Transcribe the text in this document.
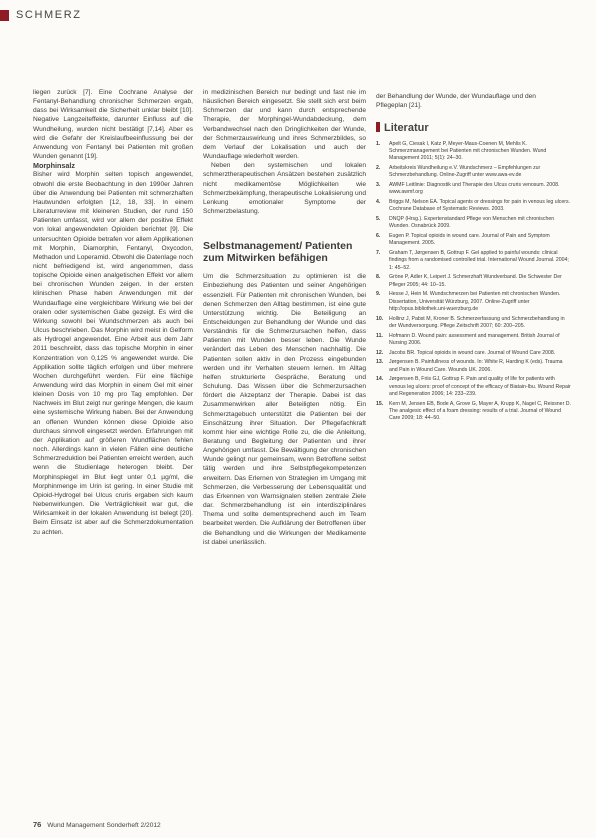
SCHMERZ

liegen zurück [7]. Eine Cochrane Analyse der Fentanyl-Behandlung chronischer Schmerzen ergab, dass bei Wirksamkeit die Sicherheit unklar bleibt [10]. Negative Langzeiteffekte, darunter Einfluss auf die Wundheilung, wurden nicht bestätigt [7,14]. Aber es wird die Gefahr der Kreislaufbeeinflussung bei der Anwendung von Fentanyl bei Patienten mit großen Wunden genannt [19].

Morphinsalz

Bisher wird Morphin selten topisch angewendet, obwohl die erste Beobachtung in den 1990er Jahren über die Anwendung bei Patienten mit schmerzhaften Hautwunden erfolgten [12, 18, 33]. In einem Literaturreview mit kleineren Studien, der rund 150 Patienten umfasst, wird vor allem der positive Effekt von lokal angewendeten Opioiden berichtet [9]. Die untersuchten Opioide betrafen vor allem Applikationen mit Morphin, Diamorphin, Fentanyl, Oxycodon, Methadon und Loperamid. Obwohl die Datenlage noch nicht befriedigend ist, wird angenommen, dass topische Opioide einen analgetischen Effekt vor allem bei chronischen Wunden zeigen. In der ersten klinischen Phase haben Anwendungen mit der Wundauflage eine vergleichbare Wirkung wie bei der oralen oder systemischen Gabe gezeigt. Es wird die Wirkung sowohl bei Wundschmerzen als auch bei Ulcus beschrieben. Das Morphin wird meist in Gelform als Hydrogel angewendet. Eine Arbeit aus dem Jahr 2011 beschreibt, dass das topische Morphin in einer Konzentration von 0,125 % angewendet wurde. Die Applikation sollte täglich erfolgen und über mehrere Wochen durchgeführt werden. Für eine flächige Anwendung wird das Morphin in einem Gel mit einer kleinen Dosis von 10 mg pro Tag empfohlen. Der Nachweis im Blut zeigt nur geringe Mengen, die kaum eine systemische Wirkung haben. Bei der Anwendung an offenen Wunden können diese Opioide also durchaus sinnvoll eingesetzt werden. Erfahrungen mit der Applikation auf größeren Wundflächen fehlen noch. Allerdings kann in vielen Fällen eine deutliche Schmerzreduktion bei Patienten erreicht werden, auch wenn die Studienlage heterogen bleibt. Der Morphinspiegel im Blut liegt unter 0,1 µg/ml, die Morphinmenge im Urin ist gering. In einer Studie mit Opioid-Hydrogel bei Ulcus cruris ergaben sich kaum Nebenwirkungen. Die Verträglichkeit war gut, die Wirksamkeit in der lokalen Anwendung ist belegt [20]. Beim Einsatz ist aber auf die Schmerzdokumentation zu achten.

in medizinischen Bereich nur bedingt und fast nie im häuslichen Bereich eingesetzt. Sie stellt sich erst beim Schmerzen dar und kann durch entsprechende Therapie, der Morphingel-Wundabdeckung, dem Verbandwechsel nach den Dringlichkeiten der Wunde, der Schmerzauswirkung und ihres Schmerzbildes, so dem Verlauf der Lokalisation und auch der Wundauflage wiederholt werden.

Neben den systemischen und lokalen schmerztherapeutischen Ansätzen bestehen zusätzlich nicht medikamentöse Möglichkeiten wie Schmerzbekämpfung, therapeutische Lokalisierung und Lenkung emotionaler Symptome der Schmerzbelastung.

Selbstmanagement/ Patienten zum Mitwirken befähigen

Um die Schmerzsituation zu optimieren ist die Einbeziehung des Patienten und seiner Angehörigen essenziell. Für Patienten mit chronischen Wunden, bei denen Schmerzen den Alltag bestimmen, ist eine gute Unterstützung wichtig. Die Beteiligung an Entscheidungen zur Behandlung der Wunde und das Verständnis für die Schmerzursachen helfen, dass Patienten mit Wunden besser leben. Die Wunde verändert das Leben des Menschen nachhaltig. Die Patienten sollen aktiv in den Prozess eingebunden werden und ihr Verhalten steuern lernen. Im Alltag helfen strukturierte Gespräche, Beratung und Schulung. Das Wissen über die Schmerzursachen fördert die Akzeptanz der Therapie. Dabei ist das Zusammenwirken aller Beteiligten nötig. Ein Schmerztagebuch unterstützt die Patienten bei der Einschätzung ihrer Situation. Der Pflegefachkraft kommt hier eine wichtige Rolle zu, die die Anleitung, Beratung und Begleitung der Patienten und ihrer Angehörigen umfasst. Die Bewältigung der chronischen Wunde gelingt nur gemeinsam, wenn Betroffene selbst tätig werden und ihre Selbstpflegekompetenzen erweitern. Das Erlernen von Strategien im Umgang mit Schmerzen, die Verbesserung der Lebensqualität und das Erkennen von Warnsignalen stellen zentrale Ziele dar. Schmerzbehandlung ist ein interdisziplinäres Thema und sollte dementsprechend auch im Team bearbeitet werden. Die Aufklärung der Betroffenen über die Behandlung und die Wirkungen der Medikamente ist dabei unerlässlich.

der Behandlung der Wunde, der Wundauflage und den Pflegeplan [21].
Literatur
1.	Apelt G, Ciesak I, Katz P, Meyer-Maus-Coenen M, Mehlis K. Schmerzmanagement bei Patienten mit chronischen Wunden. Wund Management 2011; 5(1): 24–30.
2.	Arbeitskreis Wundheilung e.V. Wundschmerz – Empfehlungen zur Schmerzbehandlung. Online-Zugriff unter www.awa-ev.de
3.	AWMF Leitlinie: Diagnostik und Therapie des Ulcus cruris venosum. 2008. www.awmf.org
4.	Briggs M, Nelson EA. Topical agents or dressings for pain in venous leg ulcers. Cochrane Database of Systematic Reviews. 2003.
5.	DNQP (Hrsg.). Expertenstandard Pflege von Menschen mit chronischen Wunden. Osnabrück 2009.
6.	Eugen P. Topical opioids in wound care. Journal of Pain and Symptom Management. 2005.
7.	Graham T, Jørgensen B, Gottrup F. Gel applied to painful wounds: clinical findings from a randomised controlled trial. International Wound Journal. 2004; 1: 45–52.
8.	Gröne P, Adler K, Leipert J. Schmerzhaft Wundverband. Die Schwester Der Pfleger 2005; 44: 10–15.
9.	Hesse J, Hein M. Wundschmerzen bei Patienten mit chronischen Wunden. Dissertation, Universität Würzburg, 2007. Online-Zugriff unter http://opus.bibliothek.uni-wuerzburg.de
10.	Hollinz J, Pabst M, Kroner B. Schmerzerfassung und Schmerzbehandlung in der Wundversorgung. Pflege Zeitschrift 2007; 60: 200–205.
11.	Hofmann D. Wound pain: assessment and management. British Journal of Nursing 2006.
12.	Jacobs BR. Topical opioids in wound care. Journal of Wound Care 2008.
13.	Jørgensen B. Painfullness of wounds. In: White R, Harding K (eds). Trauma and Pain in Wound Care. Wounds UK. 2006.
14.	Jørgensen B, Friis GJ, Gottrup F. Pain and quality of life for patients with venous leg ulcers: proof of concept of the efficacy of Biatain-Ibu. Wound Repair and Regeneration 2006; 14: 233–239.
15.	Kern M, Jensen EB, Bode A, Grove G, Mayer A, Krupp K, Nagel C, Reissner D. The analgesic effect of a foam dressing: results of a trial. Journal of Wound Care 2009; 18: 44–50.
76 Wund Management Sonderheft 2/2012
